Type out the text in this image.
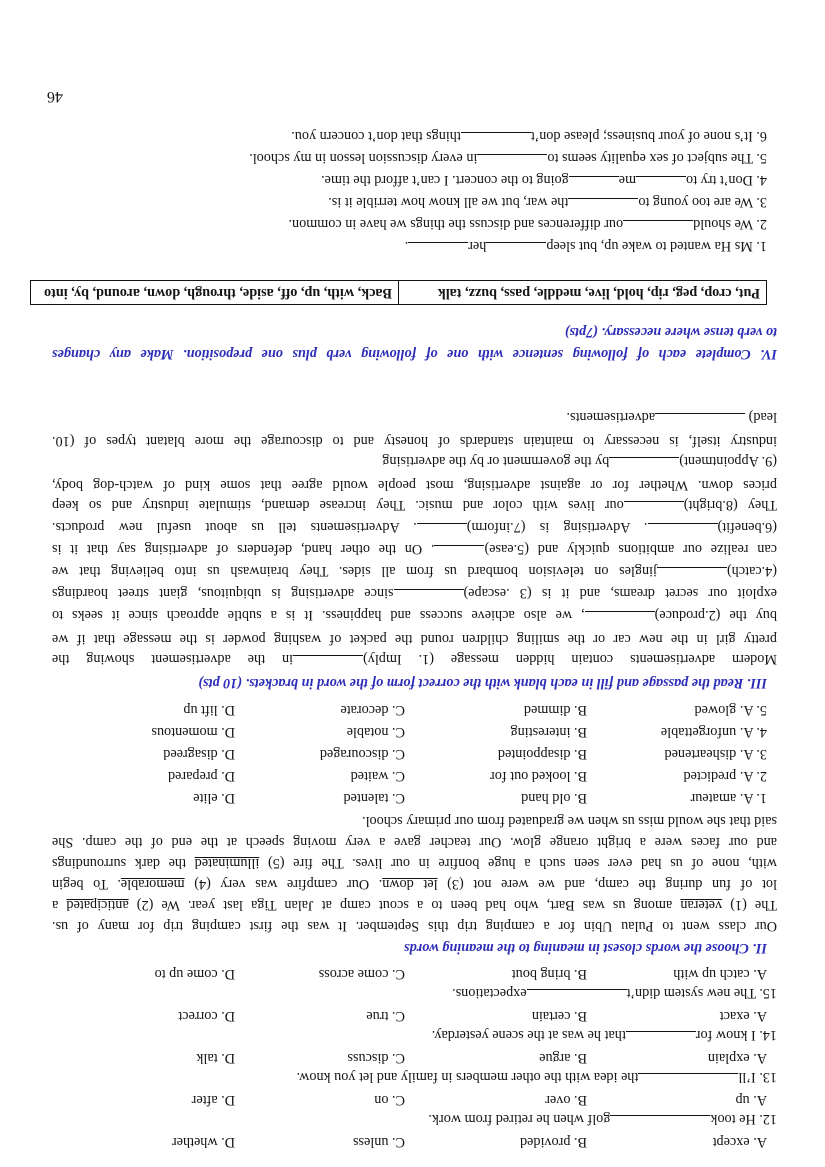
A. except
B. provided
C. unless
D. whether
12. He tookgolf when he retired from work.
A. up
B. over
C. on
D. after
13. I’llthe idea with the other members in family and let you know.
A. explain
B. argue
C. discuss
D. talk
14. I know forthat he was at the scene yesterday.
A. exact
B. certain
C. true
D. correct
15. The new system didn’texpectations.
A. catch up with
B. bring bout
C. come across
D. come up to
II. Choose the words closest in meaning to the meaning words
Our class went to Pulau Ubin for a camping trip this September. It was the first camping trip for many of us.
The (1) veteran among us was Bart, who had been to a scout camp at Jalan Tiga last year. We (2) anticipated a
lot of fun during the camp, and we were not (3) let down. Our campfire was very (4) memorable. To begin
with, none of us had ever seen such a huge bonfire in our lives. The fire (5) illuminated the dark surroundings
and our faces were a bright orange glow. Our teacher gave a very moving speech at the end of the camp. She
said that she would miss us when we graduated from our primary school.
1. A. amateur
B. old hand
C. talented
D. elite
2. A. predicted
B. looked out for
C. waited
D. prepared
3. A. disheartened
B. disappointed
C. discouraged
D. disagreed
4. A. unforgettable
B. interesting
C. notable
D. momentous
5. A. glowed
B. dimmed
C. decorate
D. lift up
III. Read the passage and fill in each blank with the correct form of the word in brackets. (10 pts)
Modern advertisements contain hidden message (1. Imply)in the advertisement showing the
pretty girl in the new car or the smiling children round the packet of washing powder is the message that if we
buy the (2.produce), we also achieve success and happiness. It is a subtle approach since it seeks to
exploit our secret dreams, and it is (3 .escape)since advertising is ubiquitous, giant street hoardings
(4.catch)jingles on television bombard us from all sides. They brainwash us into believing that we
can realize our ambitions quickly and (5.ease). On the other hand, defenders of advertising say that it is
(6.benefit). Advertising is (7.inform). Advertisements tell us about useful new products.
They (8.bright)our lives with color and music. They increase demand, stimulate industry and so keep
prices down. Whether for or against advertising, most people would agree that some kind of watch-dog body,
(9. Appointment)by the government or by the advertising
industry itself, is necessary to maintain standards of honesty and to discourage the more blatant types of (10.
lead) advertisements.
IV. Complete each of following sentence with one of following verb plus one preposition. Make any changes
to verb tense where necessary. (7pts)
Put, crop, peg, rip, hold, live, meddle, pass, buzz, talk	Back, with, up, off, aside, through, down, around, by, into
1. Ms Ha wanted to wake up, but sleepher.
2. We shouldour differences and discuss the things we have in common.
3. We are too young tothe war, but we all know how terrible it is.
4. Don’t try tomegoing to the concert. I can’t afford the time.
5. The subject of sex equality seems toin every discussion lesson in my school.
6. It’s none of your business; please don’tthings that don’t concern you.
46
